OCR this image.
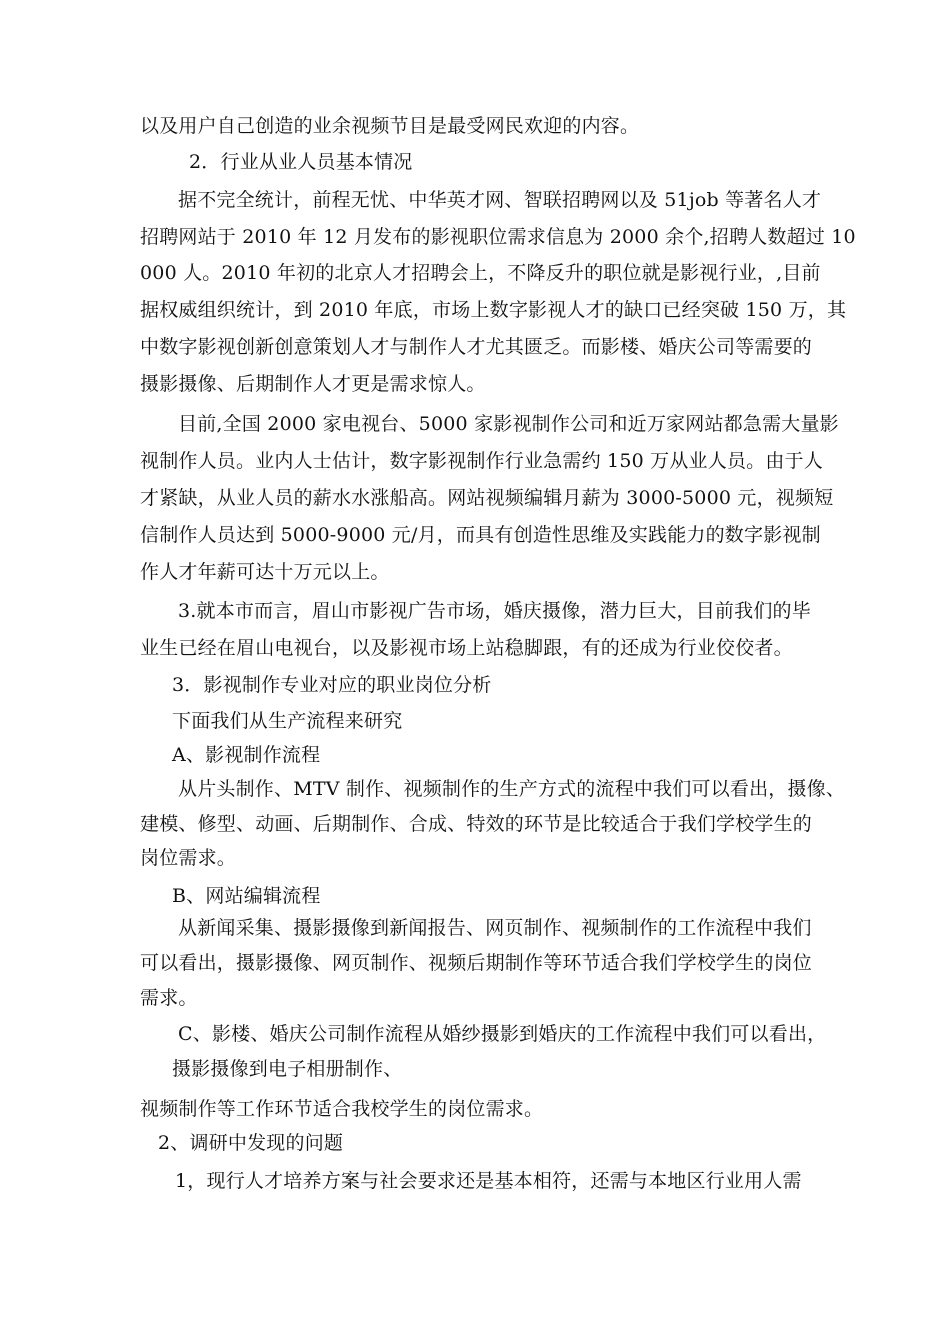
以及用户自己创造的业余视频节目是最受网民欢迎的内容。
2．行业从业人员基本情况
据不完全统计，前程无忧、中华英才网、智联招聘网以及 51job 等著名人才
招聘网站于 2010 年 12 月发布的影视职位需求信息为 2000 余个,招聘人数超过 10
000 人。2010 年初的北京人才招聘会上，不降反升的职位就是影视行业，,目前
据权威组织统计，到 2010 年底，市场上数字影视人才的缺口已经突破 150 万，其
中数字影视创新创意策划人才与制作人才尤其匮乏。而影楼、婚庆公司等需要的
摄影摄像、后期制作人才更是需求惊人。
目前,全国 2000 家电视台、5000 家影视制作公司和近万家网站都急需大量影
视制作人员。业内人士估计，数字影视制作行业急需约 150 万从业人员。由于人
才紧缺，从业人员的薪水水涨船高。网站视频编辑月薪为 3000-5000 元，视频短
信制作人员达到 5000-9000 元/月，而具有创造性思维及实践能力的数字影视制
作人才年薪可达十万元以上。
3.就本市而言，眉山市影视广告市场，婚庆摄像，潜力巨大，目前我们的毕
业生已经在眉山电视台，以及影视市场上站稳脚跟，有的还成为行业佼佼者。
3．影视制作专业对应的职业岗位分析
下面我们从生产流程来研究
A、影视制作流程
从片头制作、MTV 制作、视频制作的生产方式的流程中我们可以看出，摄像、
建模、修型、动画、后期制作、合成、特效的环节是比较适合于我们学校学生的
岗位需求。
B、网站编辑流程
从新闻采集、摄影摄像到新闻报告、网页制作、视频制作的工作流程中我们
可以看出，摄影摄像、网页制作、视频后期制作等环节适合我们学校学生的岗位
需求。
C、影楼、婚庆公司制作流程从婚纱摄影到婚庆的工作流程中我们可以看出，
摄影摄像到电子相册制作、
视频制作等工作环节适合我校学生的岗位需求。
2、调研中发现的问题
1，现行人才培养方案与社会要求还是基本相符，还需与本地区行业用人需
